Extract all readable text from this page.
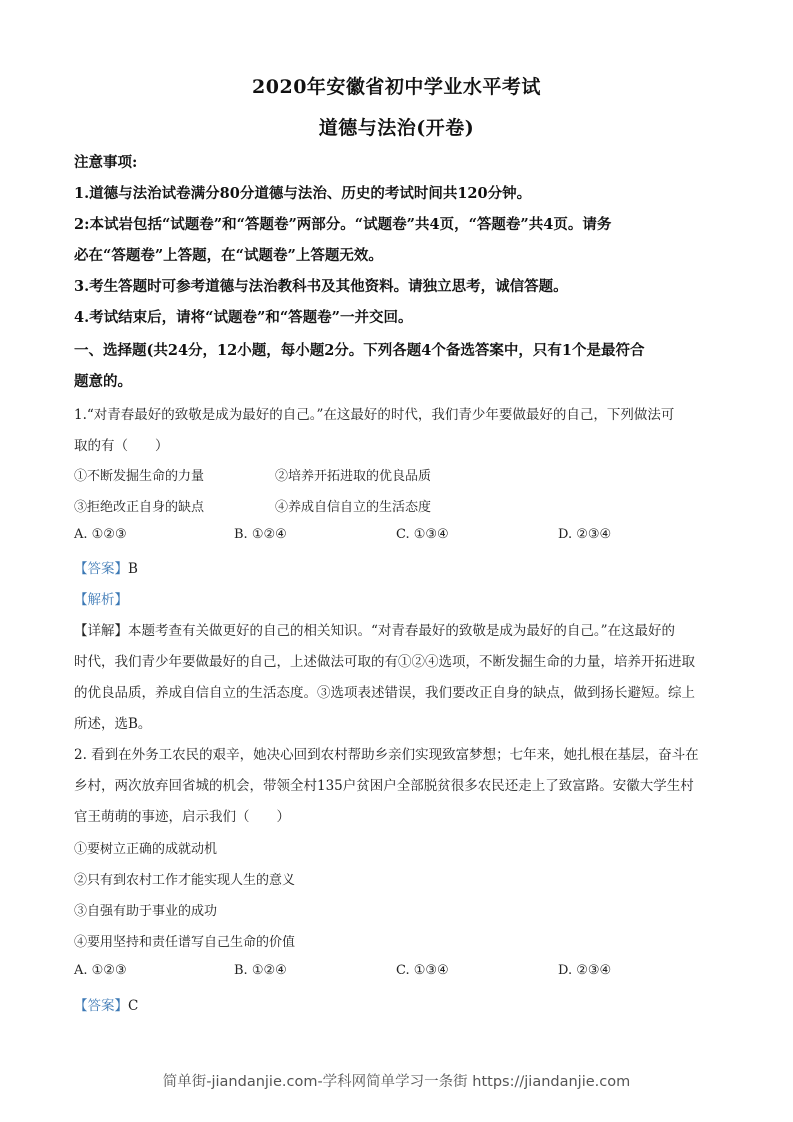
2020年安徽省初中学业水平考试
道德与法治(开卷)
注意事项:
1.道德与法治试卷满分80分道德与法治、历史的考试时间共120分钟。
2:本试岩包括“试题卷”和“答题卷”两部分。“试题卷”共4页，“答题卷”共4页。请务
必在“答题卷”上答题，在“试题卷”上答题无效。
3.考生答题时可参考道德与法治教科书及其他资料。请独立思考，诚信答题。
4.考试结束后，请将“试题卷”和“答题卷”一并交回。
一、选择题(共24分，12小题，每小题2分。下列各题4个备选答案中，只有1个是最符合
题意的。
1.“对青春最好的致敬是成为最好的自己。”在这最好的时代，我们青少年要做最好的自己，下列做法可
取的有（　　）
①不断发掘生命的力量	②培养开拓进取的优良品质
③拒绝改正自身的缺点	④养成自信自立的生活态度
A. ①②③	B. ①②④	C. ①③④	D. ②③④
【答案】B
【解析】
【详解】本题考查有关做更好的自己的相关知识。“对青春最好的致敬是成为最好的自己。”在这最好的
时代，我们青少年要做最好的自己，上述做法可取的有①②④选项，不断发掘生命的力量，培养开拓进取
的优良品质，养成自信自立的生活态度。③选项表述错误，我们要改正自身的缺点，做到扬长避短。综上
所述，选B。
2. 看到在外务工农民的艰辛，她决心回到农村帮助乡亲们实现致富梦想；七年来，她扎根在基层，奋斗在
乡村，两次放弃回省城的机会，带领全村135户贫困户全部脱贫很多农民还走上了致富路。安徽大学生村
官王萌萌的事迹，启示我们（　　）
①要树立正确的成就动机
②只有到农村工作才能实现人生的意义
③自强有助于事业的成功
④要用坚持和责任谱写自己生命的价值
A. ①②③	B. ①②④	C. ①③④	D. ②③④
【答案】C
简单街-jiandanjie.com-学科网简单学习一条街 https://jiandanjie.com
